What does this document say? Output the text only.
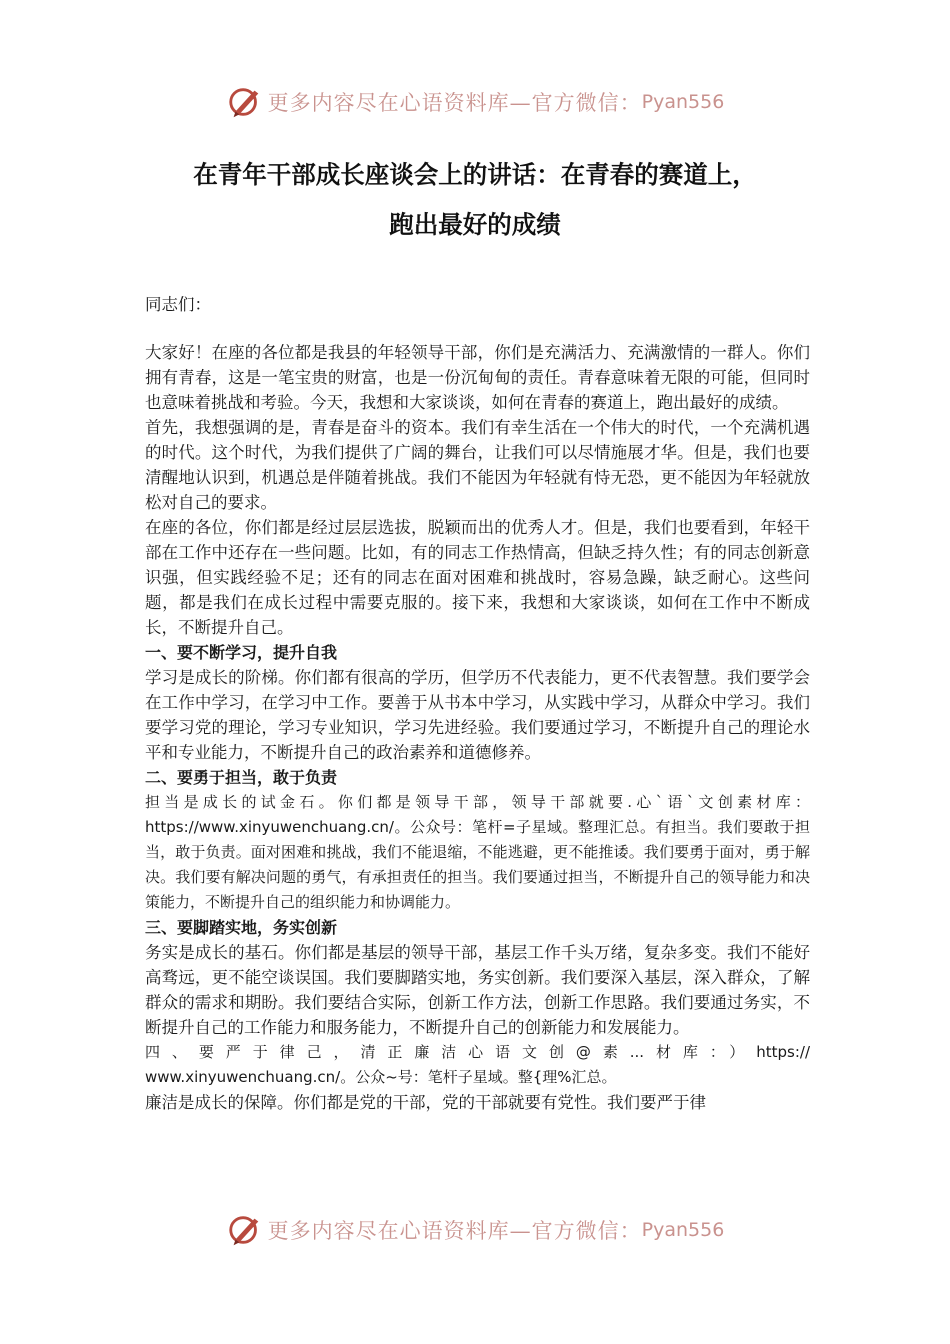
更多内容尽在心语资料库—官方微信： Pyan556
在青年干部成长座谈会上的讲话：在青春的赛道上，
跑出最好的成绩

同志们：

大家好！在座的各位都是我县的年轻领导干部，你们是充满活力、充满激情的一群人。你们拥有青春，这是一笔宝贵的财富，也是一份沉甸甸的责任。青春意味着无限的可能，但同时也意味着挑战和考验。今天，我想和大家谈谈，如何在青春的赛道上，跑出最好的成绩。

首先，我想强调的是，青春是奋斗的资本。我们有幸生活在一个伟大的时代，一个充满机遇的时代。这个时代，为我们提供了广阔的舞台，让我们可以尽情施展才华。但是，我们也要清醒地认识到，机遇总是伴随着挑战。我们不能因为年轻就有恃无恐，更不能因为年轻就放松对自己的要求。

在座的各位，你们都是经过层层选拔，脱颖而出的优秀人才。但是，我们也要看到，年轻干部在工作中还存在一些问题。比如，有的同志工作热情高，但缺乏持久性；有的同志创新意识强，但实践经验不足；还有的同志在面对困难和挑战时，容易急躁，缺乏耐心。这些问题，都是我们在成长过程中需要克服的。接下来，我想和大家谈谈，如何在工作中不断成长，不断提升自己。

一、要不断学习，提升自我

学习是成长的阶梯。你们都有很高的学历，但学历不代表能力，更不代表智慧。我们要学会在工作中学习，在学习中工作。要善于从书本中学习，从实践中学习，从群众中学习。我们要学习党的理论，学习专业知识，学习先进经验。我们要通过学习，不断提升自己的理论水平和专业能力，不断提升自己的政治素养和道德修养。

二、要勇于担当，敢于负责

担当是成长的试金石。你们都是领导干部，领导干部就要.心`语`文创素材库：https://www.xinyuwenchuang.cn/。公众号：笔杆=子星域。整理汇总。有担当。我们要敢于担当，敢于负责。面对困难和挑战，我们不能退缩，不能逃避，更不能推诿。我们要勇于面对，勇于解决。我们要有解决问题的勇气，有承担责任的担当。我们要通过担当，不断提升自己的领导能力和决策能力，不断提升自己的组织能力和协调能力。

三、要脚踏实地，务实创新

务实是成长的基石。你们都是基层的领导干部，基层工作千头万绪，复杂多变。我们不能好高骛远，更不能空谈误国。我们要脚踏实地，务实创新。我们要深入基层，深入群众，了解群众的需求和期盼。我们要结合实际，创新工作方法，创新工作思路。我们要通过务实，不断提升自己的工作能力和服务能力，不断提升自己的创新能力和发展能力。

四、要严于律己，清正廉洁心语文创@素...材库：）https://

www.xinyuwenchuang.cn/。公众~号：笔杆子星域。整{理%汇总。

廉洁是成长的保障。你们都是党的干部，党的干部就要有党性。我们要严于律

更多内容尽在心语资料库—官方微信： Pyan556
